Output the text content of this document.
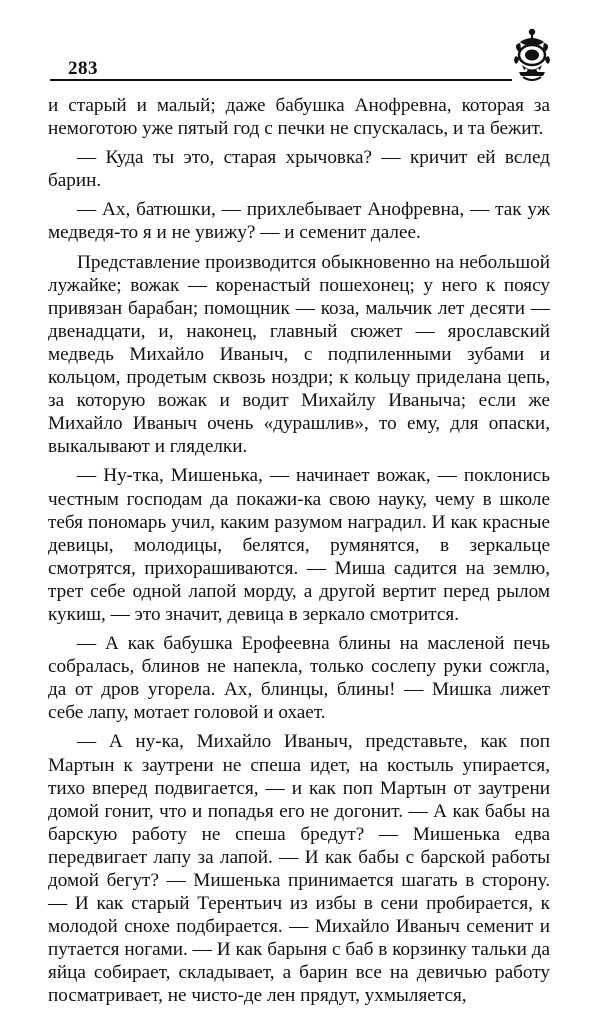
283

и старый и малый; даже бабушка Анофревна, которая за немоготою уже пятый год с печки не спускалась, и та бежит.

— Куда ты это, старая хрычовка? — кричит ей вслед барин.

— Ах, батюшки, — прихлебывает Анофревна, — так уж медведя-то я и не увижу? — и семенит далее.

Представление производится обыкновенно на небольшой лужайке; вожак — коренастый пошехонец; у него к поясу привязан барабан; помощник — коза, мальчик лет десяти — двенадцати, и, наконец, главный сюжет — ярославский медведь Михайло Иваныч, с подпиленными зубами и кольцом, продетым сквозь ноздри; к кольцу приделана цепь, за которую вожак и водит Михайлу Иваныча; если же Михайло Иваныч очень «дурашлив», то ему, для опаски, выкалывают и гляделки.

— Ну-тка, Мишенька, — начинает вожак, — поклонись честным господам да покажи-ка свою науку, чему в школе тебя пономарь учил, каким разумом наградил. И как красные девицы, молодицы, белятся, румянятся, в зеркальце смотрятся, прихорашиваются. — Миша садится на землю, трет себе одной лапой морду, а другой вертит перед рылом кукиш, — это значит, девица в зеркало смотрится.

— А как бабушка Ерофеевна блины на масленой печь собралась, блинов не напекла, только сослепу руки сожгла, да от дров угорела. Ах, блинцы, блины! — Мишка лижет себе лапу, мотает головой и охает.

— А ну-ка, Михайло Иваныч, представьте, как поп Мартын к заутрени не спеша идет, на костыль упирается, тихо вперед подвигается, — и как поп Мартын от заутрени домой гонит, что и попадья его не догонит. — А как бабы на барскую работу не спеша бредут? — Мишенька едва передвигает лапу за лапой. — И как бабы с барской работы домой бегут? — Мишенька принимается шагать в сторону. — И как старый Терентьич из избы в сени пробирается, к молодой снохе подбирается. — Михайло Иваныч семенит и путается ногами. — И как барыня с баб в корзинку тальки да яйца собирает, складывает, а барин все на девичью работу посматривает, не чисто-де лен прядут, ухмыляется,
